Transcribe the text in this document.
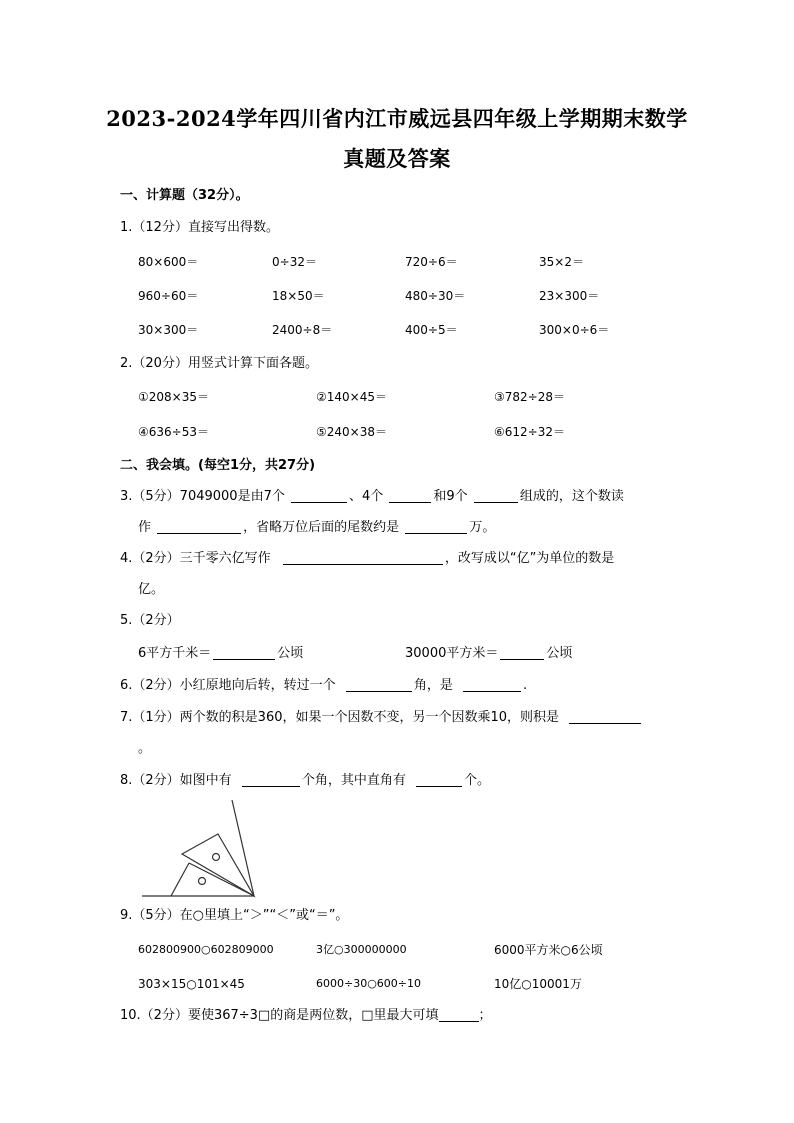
2023-2024学年四川省内江市威远县四年级上学期期末数学
真题及答案
一、计算题（32分）。
1.（12分）直接写出得数。
80×600＝	0÷32＝	720÷6＝	35×2＝
960÷60＝	18×50＝	480÷30＝	23×300＝
30×300＝	2400÷8＝	400÷5＝	300×0÷6＝
2.（20分）用竖式计算下面各题。
①208×35＝	②140×45＝	③782÷28＝
④636÷53＝	⑤240×38＝	⑥612÷32＝
二、我会填。(每空1分，共27分)
3.（5分）7049000是由7个	、4个	和9个	组成的，这个数读
作	，省略万位后面的尾数约是	万。
4.（2分）三千零六亿写作	，改写成以“亿”为单位的数是
亿。
5.（2分）
6平方千米＝	公顷	30000平方米＝	公顷
6.（2分）小红原地向后转，转过一个	角，是	.
7.（1分）两个数的积是360，如果一个因数不变，另一个因数乘10，则积是
。
8.（2分）如图中有	个角，其中直角有	个。
9.（5分）在○里填上“＞”“＜”或“＝”。
602800900○602809000	3亿○300000000	6000平方米○6公顷
303×15○101×45	6000÷30○600÷10	10亿○10001万
10.（2分）要使367÷3□的商是两位数，□里最大可填	；
